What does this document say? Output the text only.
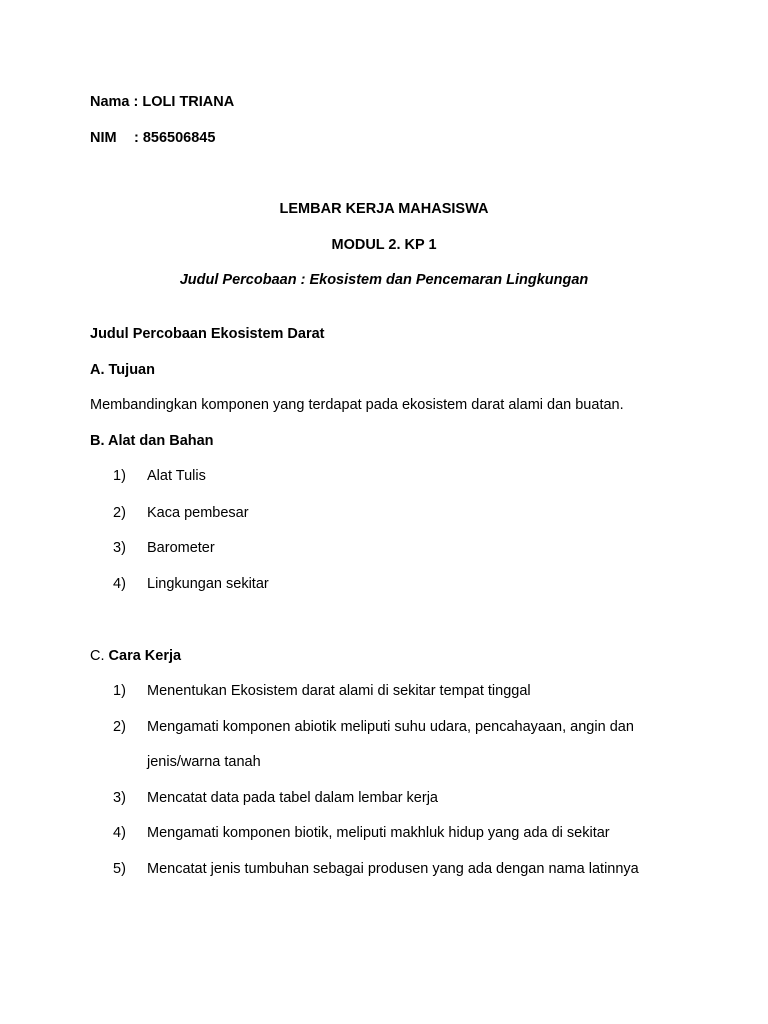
Nama : LOLI TRIANA
NIM : 856506845
LEMBAR KERJA MAHASISWA
MODUL 2. KP 1
Judul Percobaan : Ekosistem dan Pencemaran Lingkungan
Judul Percobaan Ekosistem Darat
A. Tujuan
Membandingkan komponen yang terdapat pada ekosistem darat alami dan buatan.
B. Alat dan Bahan
1) Alat Tulis
2) Kaca pembesar
3) Barometer
4) Lingkungan sekitar
C. Cara Kerja
1) Menentukan Ekosistem darat alami di sekitar tempat tinggal
2) Mengamati komponen abiotik meliputi suhu udara, pencahayaan, angin dan
jenis/warna tanah
3) Mencatat data pada tabel dalam lembar kerja
4) Mengamati komponen biotik, meliputi makhluk hidup yang ada di sekitar
5) Mencatat jenis tumbuhan sebagai produsen yang ada dengan nama latinnya
